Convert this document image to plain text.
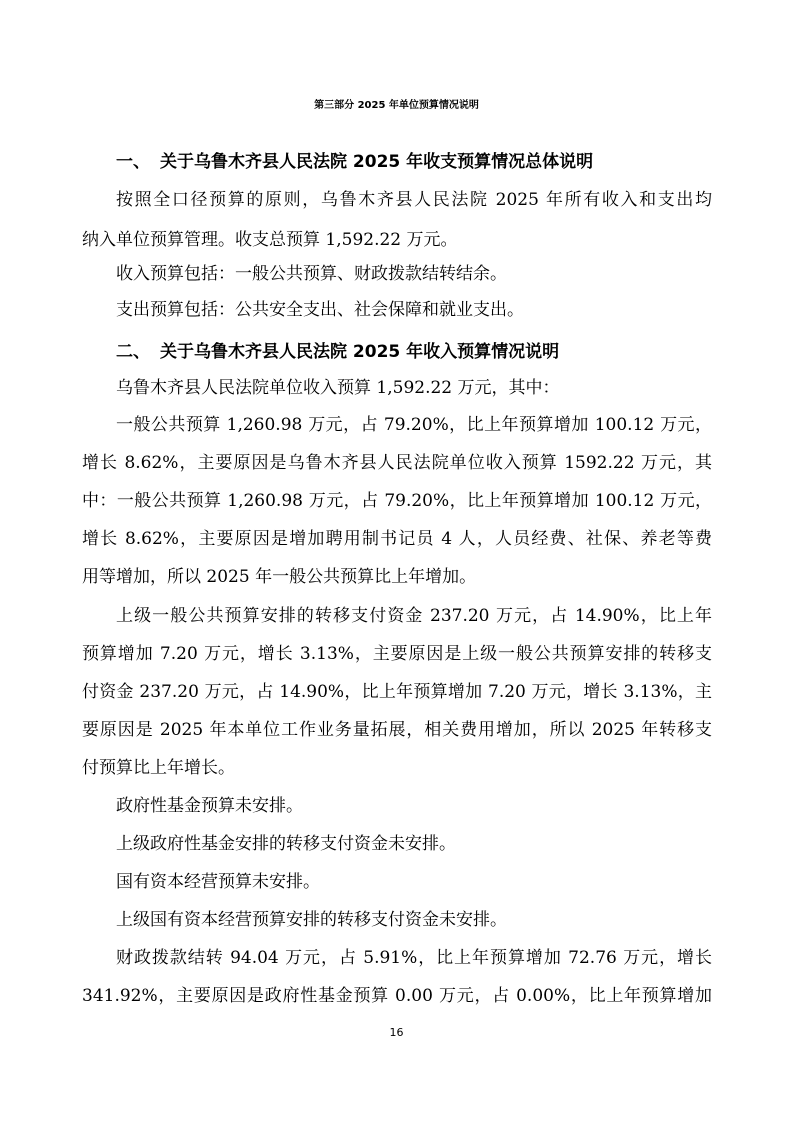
第三部分 2025 年单位预算情况说明
一、 关于乌鲁木齐县人民法院 2025 年收支预算情况总体说明
按照全口径预算的原则，乌鲁木齐县人民法院 2025 年所有收入和支出均
纳入单位预算管理。收支总预算 1,592.22 万元。
收入预算包括：一般公共预算、财政拨款结转结余。
支出预算包括：公共安全支出、社会保障和就业支出。
二、 关于乌鲁木齐县人民法院 2025 年收入预算情况说明
乌鲁木齐县人民法院单位收入预算 1,592.22 万元，其中：
一般公共预算 1,260.98 万元，占 79.20%，比上年预算增加 100.12 万元，
增长 8.62%，主要原因是乌鲁木齐县人民法院单位收入预算 1592.22 万元，其
中：一般公共预算 1,260.98 万元，占 79.20%，比上年预算增加 100.12 万元，
增长 8.62%，主要原因是增加聘用制书记员 4 人，人员经费、社保、养老等费
用等增加，所以 2025 年一般公共预算比上年增加。
上级一般公共预算安排的转移支付资金 237.20 万元，占 14.90%，比上年
预算增加 7.20 万元，增长 3.13%，主要原因是上级一般公共预算安排的转移支
付资金 237.20 万元，占 14.90%，比上年预算增加 7.20 万元，增长 3.13%，主
要原因是 2025 年本单位工作业务量拓展，相关费用增加，所以 2025 年转移支
付预算比上年增长。
政府性基金预算未安排。
上级政府性基金安排的转移支付资金未安排。
国有资本经营预算未安排。
上级国有资本经营预算安排的转移支付资金未安排。
财政拨款结转 94.04 万元，占 5.91%，比上年预算增加 72.76 万元，增长
341.92%，主要原因是政府性基金预算 0.00 万元，占 0.00%，比上年预算增加
16
